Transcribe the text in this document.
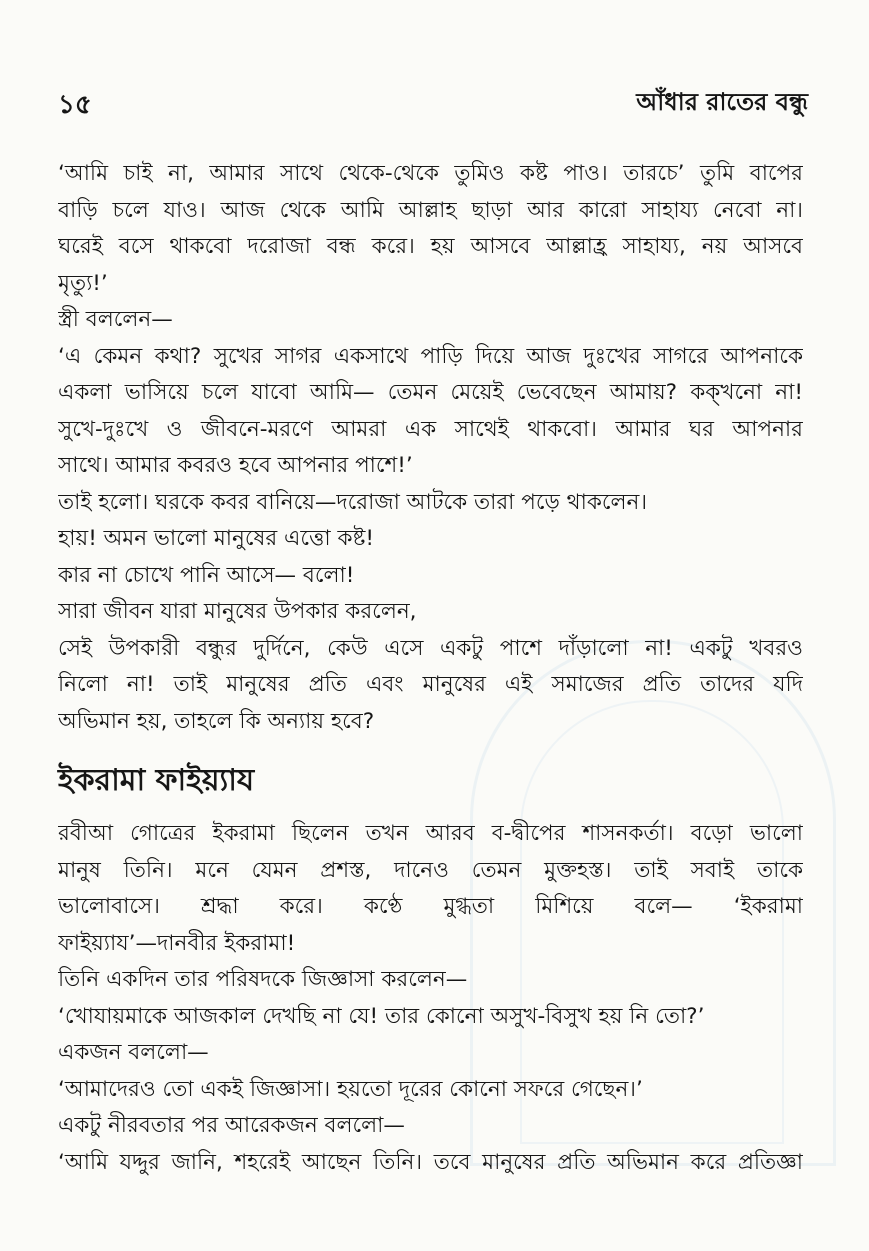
১৫	আঁধার রাতের বন্ধু
‘আমি চাই না, আমার সাথে থেকে-থেকে তুমিও কষ্ট পাও। তারচে’ তুমি বাপের
বাড়ি চলে যাও। আজ থেকে আমি আল্লাহ ছাড়া আর কারো সাহায্য নেবো না।
ঘরেই বসে থাকবো দরোজা বন্ধ করে। হয় আসবে আল্লাহ্র সাহায্য, নয় আসবে
মৃত্যু!’
স্ত্রী বললেন—
‘এ কেমন কথা? সুখের সাগর একসাথে পাড়ি দিয়ে আজ দুঃখের সাগরে আপনাকে
একলা ভাসিয়ে চলে যাবো আমি— তেমন মেয়েই ভেবেছেন আমায়? কক্‌খনো না!
সুখে-দুঃখে ও জীবনে-মরণে আমরা এক সাথেই থাকবো। আমার ঘর আপনার
সাথে। আমার কবরও হবে আপনার পাশে!’
তাই হলো। ঘরকে কবর বানিয়ে—দরোজা আটকে তারা পড়ে থাকলেন।
হায়! অমন ভালো মানুষের এত্তো কষ্ট!
কার না চোখে পানি আসে— বলো!
সারা জীবন যারা মানুষের উপকার করলেন,
সেই উপকারী বন্ধুর দুর্দিনে, কেউ এসে একটু পাশে দাঁড়ালো না! একটু খবরও
নিলো না! তাই মানুষের প্রতি এবং মানুষের এই সমাজের প্রতি তাদের যদি
অভিমান হয়, তাহলে কি অন্যায় হবে?
ইকরামা ফাইয়্যায
রবীআ গোত্রের ইকরামা ছিলেন তখন আরব ব-দ্বীপের শাসনকর্তা। বড়ো ভালো
মানুষ তিনি। মনে যেমন প্রশস্ত, দানেও তেমন মুক্তহস্ত। তাই সবাই তাকে
ভালোবাসে। শ্রদ্ধা করে। কণ্ঠে মুগ্ধতা মিশিয়ে বলে— ‘ইকরামা
ফাইয়্যায’—দানবীর ইকরামা!
তিনি একদিন তার পরিষদকে জিজ্ঞাসা করলেন—
‘খোযায়মাকে আজকাল দেখছি না যে! তার কোনো অসুখ-বিসুখ হয় নি তো?’
একজন বললো—
‘আমাদেরও তো একই জিজ্ঞাসা। হয়তো দূরের কোনো সফরে গেছেন।’
একটু নীরবতার পর আরেকজন বললো—
‘আমি যদ্দুর জানি, শহরেই আছেন তিনি। তবে মানুষের প্রতি অভিমান করে প্রতিজ্ঞা
